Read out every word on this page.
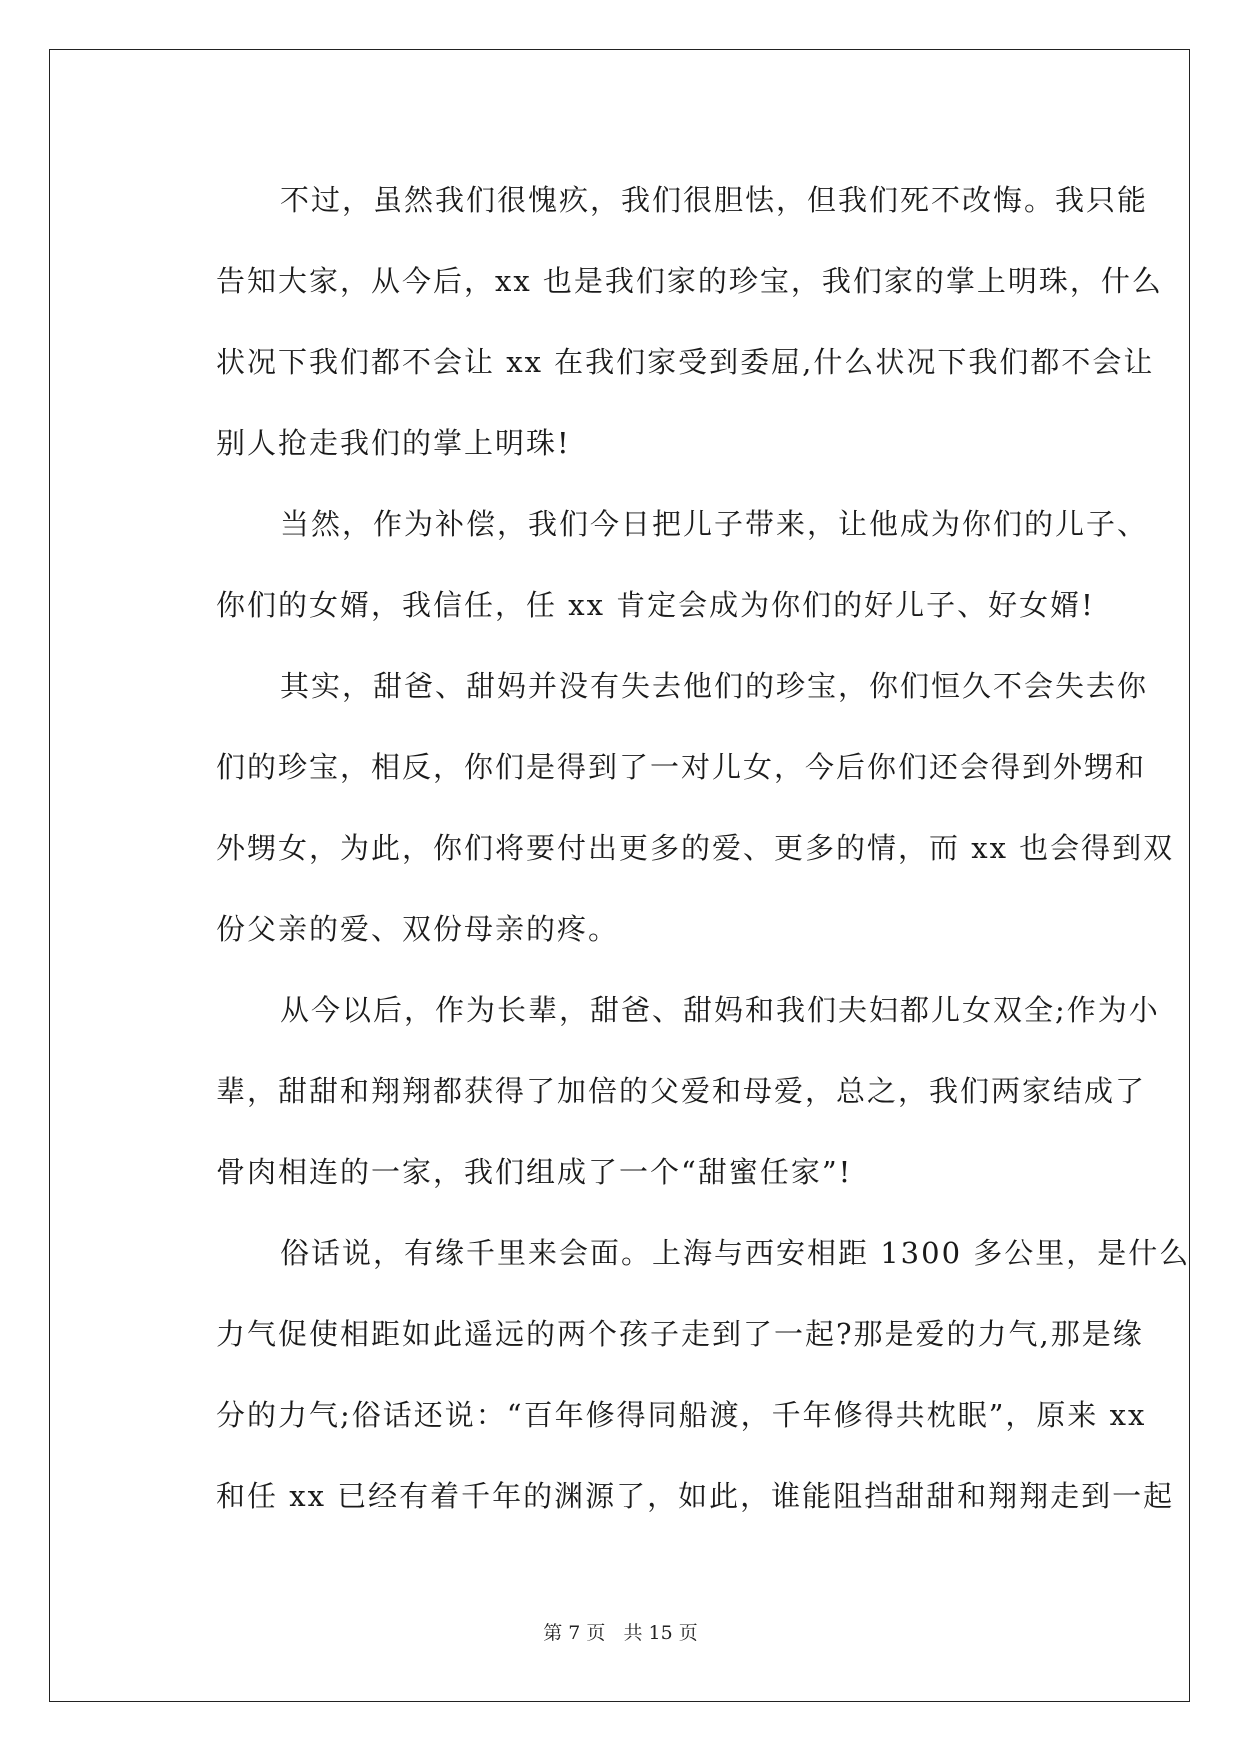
不过，虽然我们很愧疚，我们很胆怯，但我们死不改悔。我只能
告知大家，从今后，xx 也是我们家的珍宝，我们家的掌上明珠，什么
状况下我们都不会让 xx 在我们家受到委屈,什么状况下我们都不会让
别人抢走我们的掌上明珠!
当然，作为补偿，我们今日把儿子带来，让他成为你们的儿子、
你们的女婿，我信任，任 xx 肯定会成为你们的好儿子、好女婿!
其实，甜爸、甜妈并没有失去他们的珍宝，你们恒久不会失去你
们的珍宝，相反，你们是得到了一对儿女，今后你们还会得到外甥和
外甥女，为此，你们将要付出更多的爱、更多的情，而 xx 也会得到双
份父亲的爱、双份母亲的疼。
从今以后，作为长辈，甜爸、甜妈和我们夫妇都儿女双全;作为小
辈，甜甜和翔翔都获得了加倍的父爱和母爱，总之，我们两家结成了
骨肉相连的一家，我们组成了一个“甜蜜任家”!
俗话说，有缘千里来会面。上海与西安相距 1300 多公里，是什么
力气促使相距如此遥远的两个孩子走到了一起?那是爱的力气,那是缘
分的力气;俗话还说：“百年修得同船渡，千年修得共枕眠”，原来 xx
和任 xx 已经有着千年的渊源了，如此，谁能阻挡甜甜和翔翔走到一起
第 7 页 共 15 页
